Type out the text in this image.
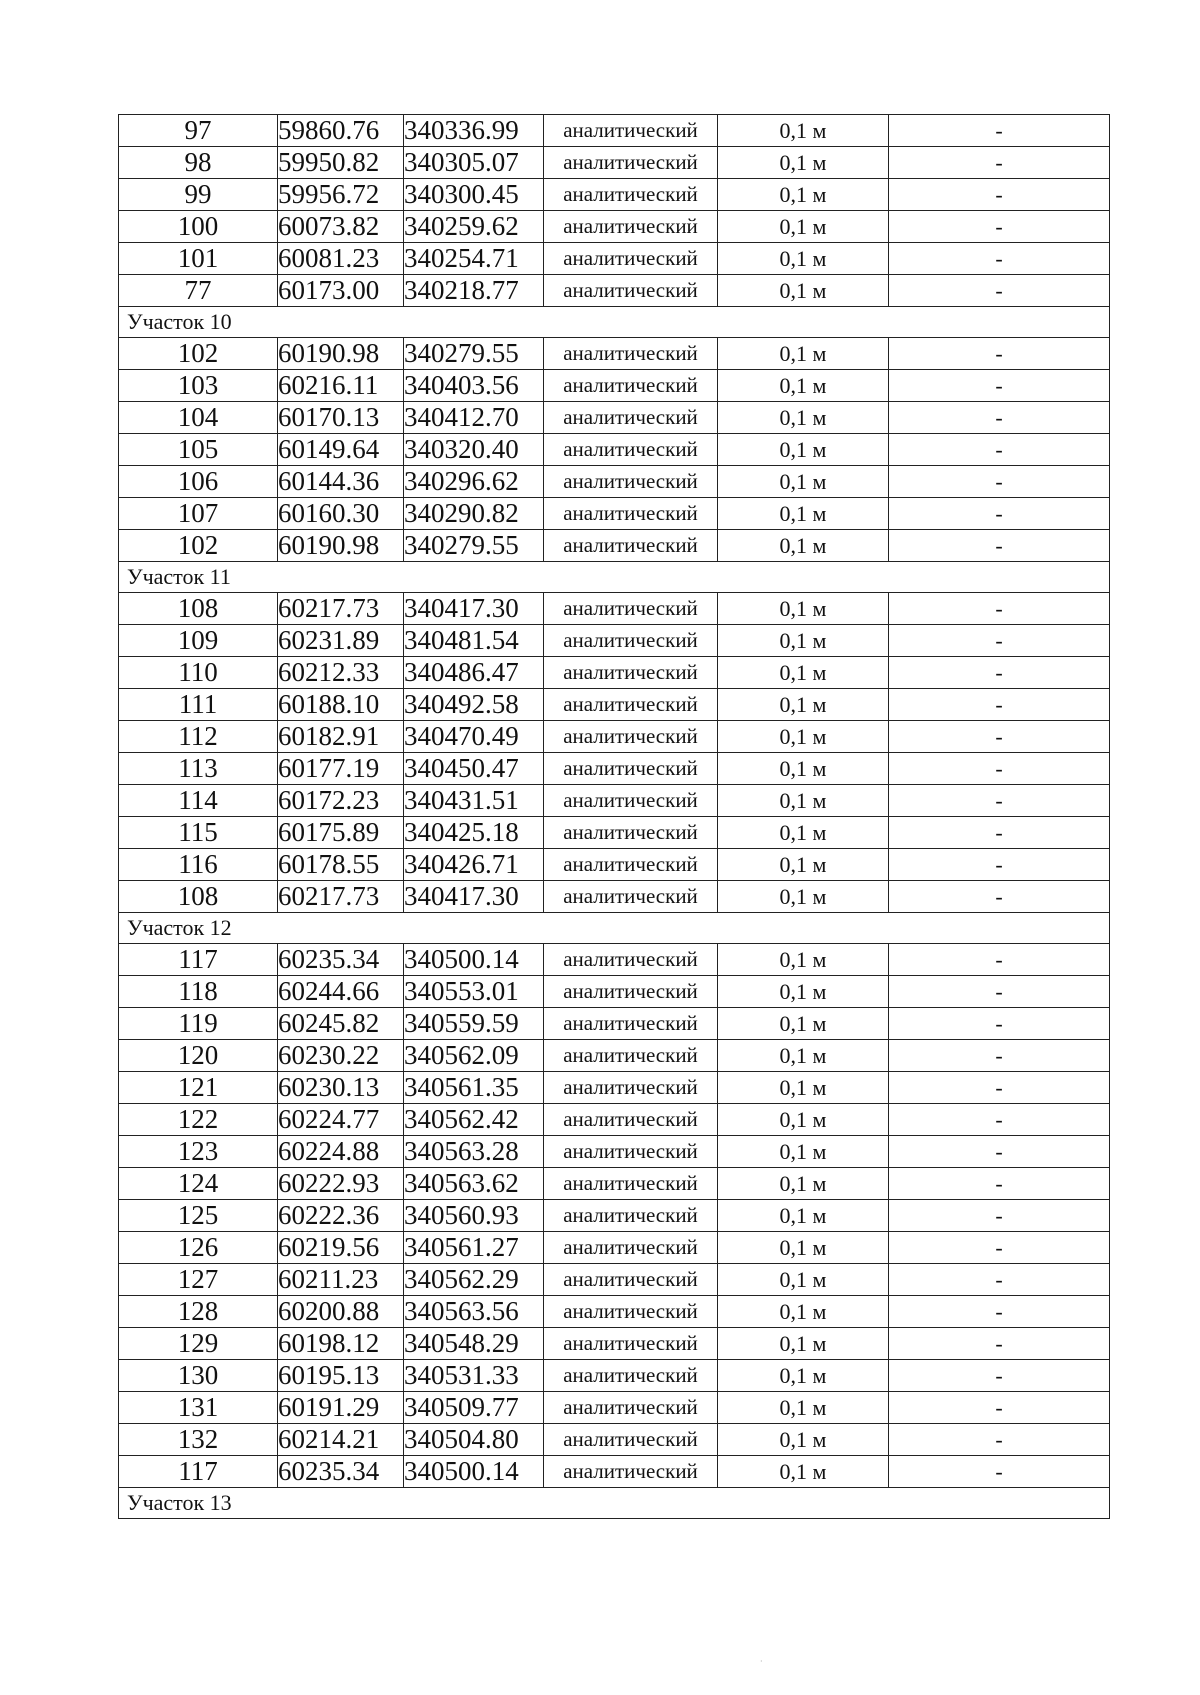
97	59860.76	340336.99	аналитический	0,1 м	-
98	59950.82	340305.07	аналитический	0,1 м	-
99	59956.72	340300.45	аналитический	0,1 м	-
100	60073.82	340259.62	аналитический	0,1 м	-
101	60081.23	340254.71	аналитический	0,1 м	-
77	60173.00	340218.77	аналитический	0,1 м	-
Участок 10					
102	60190.98	340279.55	аналитический	0,1 м	-
103	60216.11	340403.56	аналитический	0,1 м	-
104	60170.13	340412.70	аналитический	0,1 м	-
105	60149.64	340320.40	аналитический	0,1 м	-
106	60144.36	340296.62	аналитический	0,1 м	-
107	60160.30	340290.82	аналитический	0,1 м	-
102	60190.98	340279.55	аналитический	0,1 м	-
Участок 11					
108	60217.73	340417.30	аналитический	0,1 м	-
109	60231.89	340481.54	аналитический	0,1 м	-
110	60212.33	340486.47	аналитический	0,1 м	-
111	60188.10	340492.58	аналитический	0,1 м	-
112	60182.91	340470.49	аналитический	0,1 м	-
113	60177.19	340450.47	аналитический	0,1 м	-
114	60172.23	340431.51	аналитический	0,1 м	-
115	60175.89	340425.18	аналитический	0,1 м	-
116	60178.55	340426.71	аналитический	0,1 м	-
108	60217.73	340417.30	аналитический	0,1 м	-
Участок 12					
117	60235.34	340500.14	аналитический	0,1 м	-
118	60244.66	340553.01	аналитический	0,1 м	-
119	60245.82	340559.59	аналитический	0,1 м	-
120	60230.22	340562.09	аналитический	0,1 м	-
121	60230.13	340561.35	аналитический	0,1 м	-
122	60224.77	340562.42	аналитический	0,1 м	-
123	60224.88	340563.28	аналитический	0,1 м	-
124	60222.93	340563.62	аналитический	0,1 м	-
125	60222.36	340560.93	аналитический	0,1 м	-
126	60219.56	340561.27	аналитический	0,1 м	-
127	60211.23	340562.29	аналитический	0,1 м	-
128	60200.88	340563.56	аналитический	0,1 м	-
129	60198.12	340548.29	аналитический	0,1 м	-
130	60195.13	340531.33	аналитический	0,1 м	-
131	60191.29	340509.77	аналитический	0,1 м	-
132	60214.21	340504.80	аналитический	0,1 м	-
117	60235.34	340500.14	аналитический	0,1 м	-
Участок 13					
·
